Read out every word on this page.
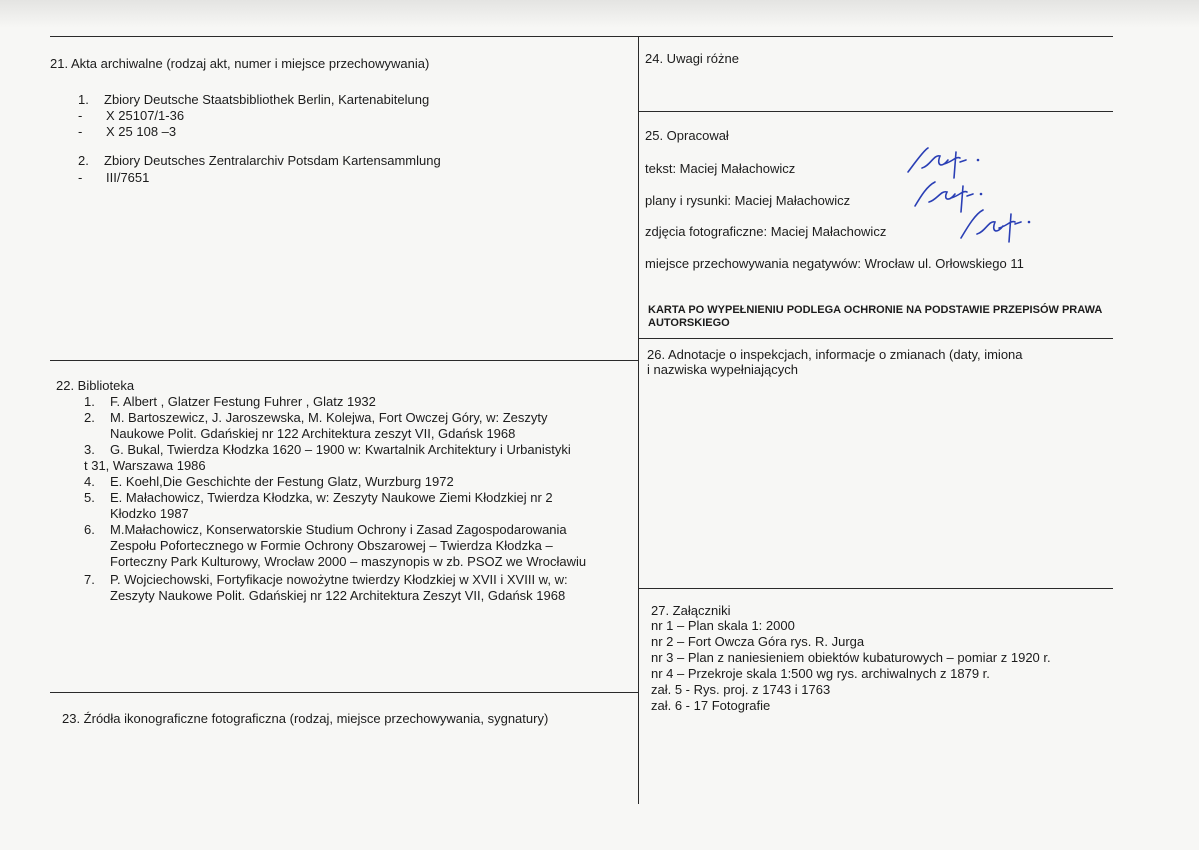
21. Akta archiwalne (rodzaj akt, numer i miejsce przechowywania)
1. Zbiory Deutsche Staatsbibliothek Berlin, Kartenabitelung
- X 25107/1-36
- X 25 108 –3
2. Zbiory Deutsches Zentralarchiv Potsdam Kartensammlung
- III/7651
22. Biblioteka
1. F. Albert , Glatzer Festung Fuhrer , Glatz 1932
2. M. Bartoszewicz, J. Jaroszewska, M. Kolejwa, Fort Owczej Góry, w: Zeszyty
Naukowe Polit. Gdańskiej nr 122 Architektura zeszyt VII, Gdańsk 1968
3. G. Bukal, Twierdza Kłodzka 1620 – 1900 w: Kwartalnik Architektury i Urbanistyki
t 31, Warszawa 1986
4. E. Koehl,Die Geschichte der Festung Glatz, Wurzburg 1972
5. E. Małachowicz, Twierdza Kłodzka, w: Zeszyty Naukowe Ziemi Kłodzkiej nr 2
Kłodzko 1987
6. M.Małachowicz, Konserwatorskie Studium Ochrony i Zasad Zagospodarowania
Zespołu Pofortecznego w Formie Ochrony Obszarowej – Twierdza Kłodzka –
Forteczny Park Kulturowy, Wrocław 2000 – maszynopis w zb. PSOZ we Wrocławiu
7. P. Wojciechowski, Fortyfikacje nowożytne twierdzy Kłodzkiej w XVII i XVIII w, w:
Zeszyty Naukowe Polit. Gdańskiej nr 122 Architektura Zeszyt VII, Gdańsk 1968
23. Źródła ikonograficzne fotograficzna (rodzaj, miejsce przechowywania, sygnatury)
24. Uwagi różne
25. Opracował
tekst: Maciej Małachowicz
plany i rysunki: Maciej Małachowicz
zdjęcia fotograficzne: Maciej Małachowicz
miejsce przechowywania negatywów: Wrocław ul. Orłowskiego 11
KARTA PO WYPEŁNIENIU PODLEGA OCHRONIE NA PODSTAWIE PRZEPISÓW PRAWA
AUTORSKIEGO
26. Adnotacje o inspekcjach, informacje o zmianach (daty, imiona
i nazwiska wypełniających
27. Załączniki
nr 1 – Plan skala 1: 2000
nr 2 – Fort Owcza Góra rys. R. Jurga
nr 3 – Plan z naniesieniem obiektów kubaturowych – pomiar z 1920 r.
nr 4 – Przekroje skala 1:500 wg rys. archiwalnych z 1879 r.
zał. 5 - Rys. proj. z 1743 i 1763
zał. 6 - 17 Fotografie
